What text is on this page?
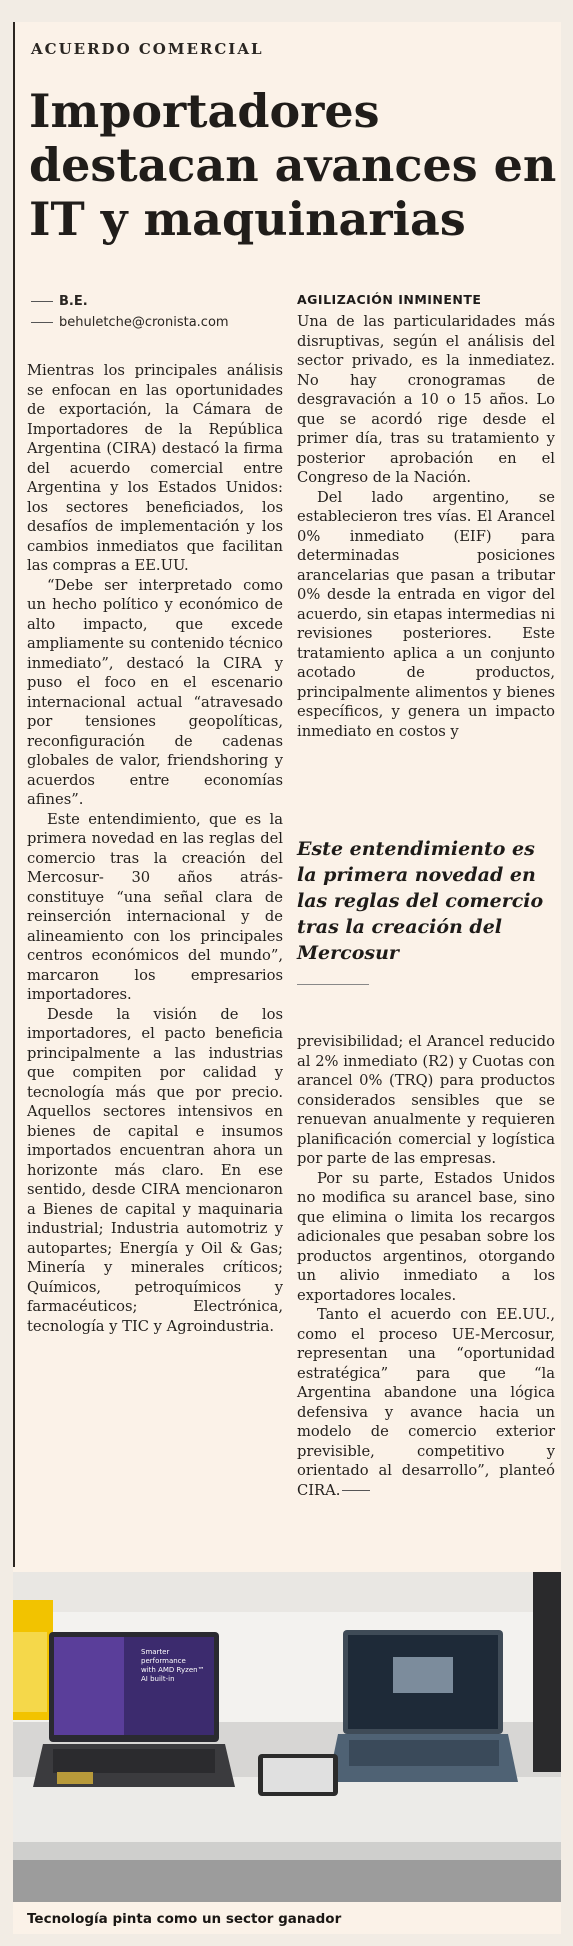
ACUERDO COMERCIAL
Importadores destacan avances en IT y maquinarias
B.E.
behuletche@cronista.com

Mientras los principales análisis se enfocan en las oportunidades de exportación, la Cámara de Importadores de la República Argentina (CIRA) destacó la firma del acuerdo comercial entre Argentina y los Estados Unidos: los sectores beneficiados, los desafíos de implementación y los cambios inmediatos que facilitan las compras a EE.UU.

“Debe ser interpretado como un hecho político y económico de alto impacto, que excede ampliamente su contenido técnico inmediato”, destacó la CIRA y puso el foco en el escenario internacional actual “atravesado por tensiones geopolíticas, reconfiguración de cadenas globales de valor, friendshoring y acuerdos entre economías afines”.

Este entendimiento, que es la primera novedad en las reglas del comercio tras la creación del Mercosur- 30 años atrás- constituye “una señal clara de reinserción internacional y de alineamiento con los principales centros económicos del mundo”, marcaron los empresarios importadores.

Desde la visión de los importadores, el pacto beneficia principalmente a las industrias que compiten por calidad y tecnología más que por precio. Aquellos sectores intensivos en bienes de capital e insumos importados encuentran ahora un horizonte más claro. En ese sentido, desde CIRA mencionaron a Bienes de capital y maquinaria industrial; Industria automotriz y autopartes; Energía y Oil & Gas; Minería y minerales críticos; Químicos, petroquímicos y farmacéuticos; Electrónica, tecnología y TIC y Agroindustria.

AGILIZACIÓN INMINENTE

Una de las particularidades más disruptivas, según el análisis del sector privado, es la inmediatez. No hay cronogramas de desgravación a 10 o 15 años. Lo que se acordó rige desde el primer día, tras su tratamiento y posterior aprobación en el Congreso de la Nación.

Del lado argentino, se establecieron tres vías. El Arancel 0% inmediato (EIF) para determinadas posiciones arancelarias que pasan a tributar 0% desde la entrada en vigor del acuerdo, sin etapas intermedias ni revisiones posteriores. Este tratamiento aplica a un conjunto acotado de productos, principalmente alimentos y bienes específicos, y genera un impacto inmediato en costos y

Este entendimiento es la primera novedad en las reglas del comercio tras la creación del Mercosur

previsibilidad; el Arancel reducido al 2% inmediato (R2) y Cuotas con arancel 0% (TRQ) para productos considerados sensibles que se renuevan anualmente y requieren planificación comercial y logística por parte de las empresas.

Por su parte, Estados Unidos no modifica su arancel base, sino que elimina o limita los recargos adicionales que pesaban sobre los productos argentinos, otorgando un alivio inmediato a los exportadores locales.

Tanto el acuerdo con EE.UU., como el proceso UE-Mercosur, representan una “oportunidad estratégica” para que “la Argentina abandone una lógica defensiva y avance hacia un modelo de comercio exterior previsible, competitivo y orientado al desarrollo”, planteó CIRA.

Smarter
performance
with AMD Ryzen™
AI built-in
Tecnología pinta como un sector ganador
